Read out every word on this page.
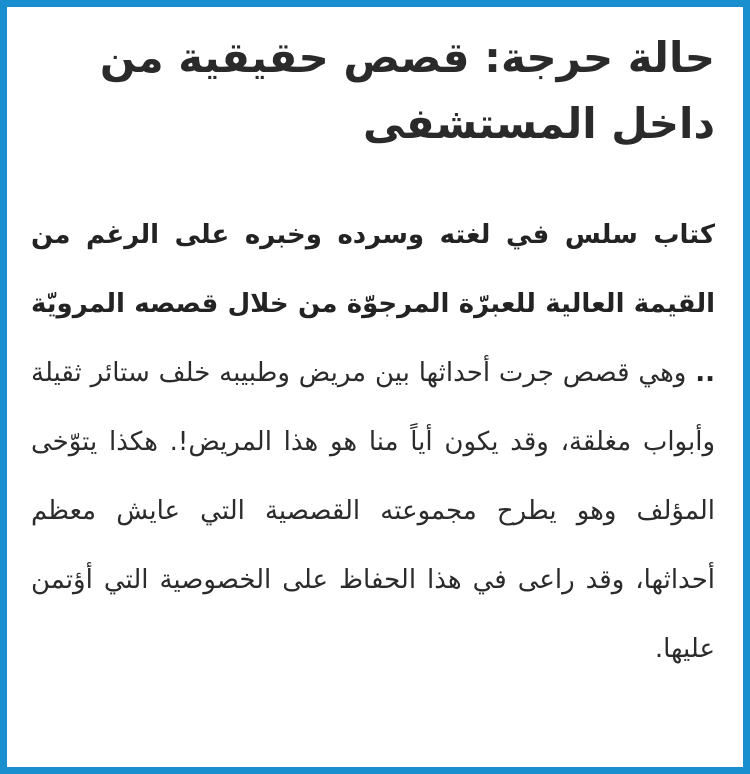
حالة حرجة: قصص حقيقية من داخل المستشفى

كتاب سلس في لغته وسرده وخبره على الرغم من القيمة العالية للعبرّة المرجوّة من خلال قصصه المرويّة .. وهي قصص جرت أحداثها بين مريض وطبيبه خلف ستائر ثقيلة وأبواب مغلقة، وقد يكون أياً منا هو هذا المريض!. هكذا يتوّخى المؤلف وهو يطرح مجموعته القصصية التي عايش معظم أحداثها، وقد راعى في هذا الحفاظ على الخصوصية التي أؤتمن عليها.
